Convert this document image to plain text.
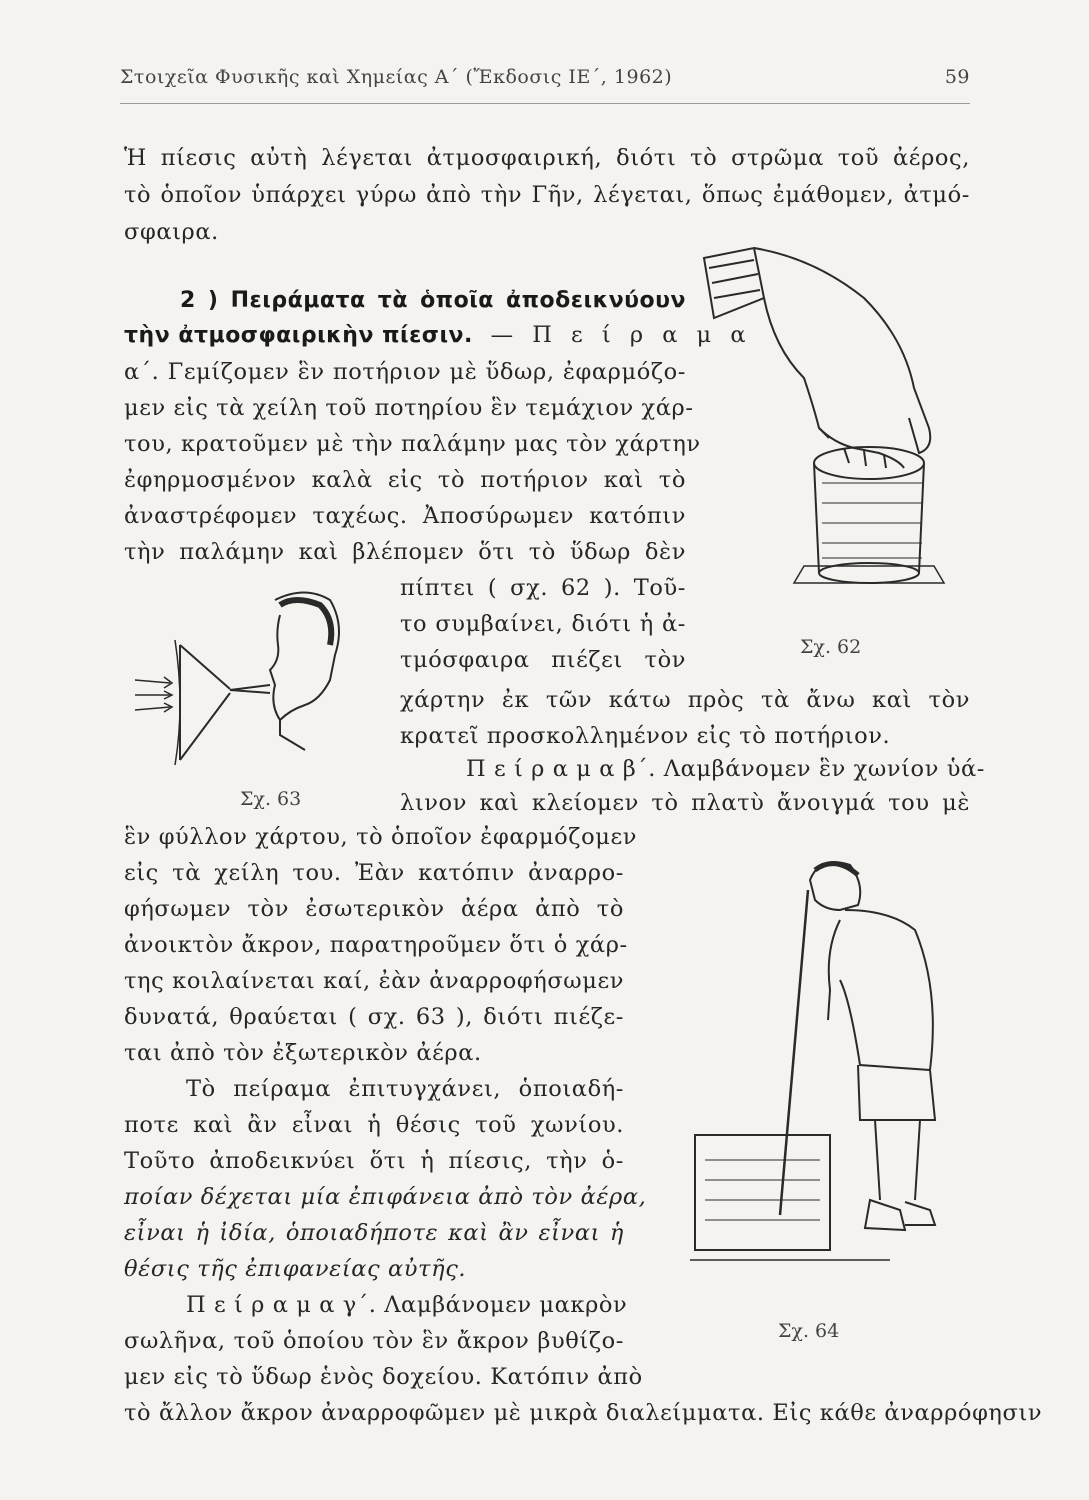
Στοιχεῖα Φυσικῆς καὶ Χημείας Α΄ (Ἔκδοσις ΙΕ΄, 1962)	59
Ἡ πίεσις αὐτὴ λέγεται ἀτμοσφαιρική, διότι τὸ στρῶμα τοῦ ἀέρος,
τὸ ὁποῖον ὑπάρχει γύρω ἀπὸ τὴν Γῆν, λέγεται, ὅπως ἐμάθομεν, ἀτμό-
σφαιρα.
2 ) Πειράματα τὰ ὁποῖα ἀποδεικνύουν
τὴν ἀτμοσφαιρικὴν πίεσιν. — Π ε ί ρ α μ α
α΄. Γεμίζομεν ἓν ποτήριον μὲ ὕδωρ, ἐφαρμόζο-
μεν εἰς τὰ χείλη τοῦ ποτηρίου ἓν τεμάχιον χάρ-
του, κρατοῦμεν μὲ τὴν παλάμην μας τὸν χάρτην
ἐφηρμοσμένον καλὰ εἰς τὸ ποτήριον καὶ τὸ
ἀναστρέφομεν ταχέως. Ἀποσύρωμεν κατόπιν
τὴν παλάμην καὶ βλέπομεν ὅτι τὸ ὕδωρ δὲν
πίπτει ( σχ. 62 ). Τοῦ-
το συμβαίνει, διότι ἡ ἀ-
τμόσφαιρα πιέζει τὸν
χάρτην ἐκ τῶν κάτω πρὸς τὰ ἄνω καὶ τὸν
κρατεῖ προσκολλημένον εἰς τὸ ποτήριον.
Π ε ί ρ α μ α β΄. Λαμβάνομεν ἓν χωνίον ὑά-
λινον καὶ κλείομεν τὸ πλατὺ ἄνοιγμά του μὲ
ἓν φύλλον χάρτου, τὸ ὁποῖον ἐφαρμόζομεν
εἰς τὰ χείλη του. Ἐὰν κατόπιν ἀναρρο-
φήσωμεν τὸν ἐσωτερικὸν ἀέρα ἀπὸ τὸ
ἀνοικτὸν ἄκρον, παρατηροῦμεν ὅτι ὁ χάρ-
της κοιλαίνεται καί, ἐὰν ἀναρροφήσωμεν
δυνατά, θραύεται ( σχ. 63 ), διότι πιέζε-
ται ἀπὸ τὸν ἐξωτερικὸν ἀέρα.
Τὸ πείραμα ἐπιτυγχάνει, ὁποιαδή-
ποτε καὶ ἂν εἶναι ἡ θέσις τοῦ χωνίου.
Τοῦτο ἀποδεικνύει ὅτι ἡ πίεσις, τὴν ὁ-
ποίαν δέχεται μία ἐπιφάνεια ἀπὸ τὸν ἀέρα,
εἶναι ἡ ἰδία, ὁποιαδήποτε καὶ ἂν εἶναι ἡ
θέσις τῆς ἐπιφανείας αὐτῆς.
Π ε ί ρ α μ α γ΄. Λαμβάνομεν μακρὸν
σωλῆνα, τοῦ ὁποίου τὸν ἓν ἄκρον βυθίζο-
μεν εἰς τὸ ὕδωρ ἑνὸς δοχείου. Κατόπιν ἀπὸ
τὸ ἄλλον ἄκρον ἀναρροφῶμεν μὲ μικρὰ διαλείμματα. Εἰς κάθε ἀναρρόφησιν
Σχ. 62
Σχ. 63
Σχ. 64
